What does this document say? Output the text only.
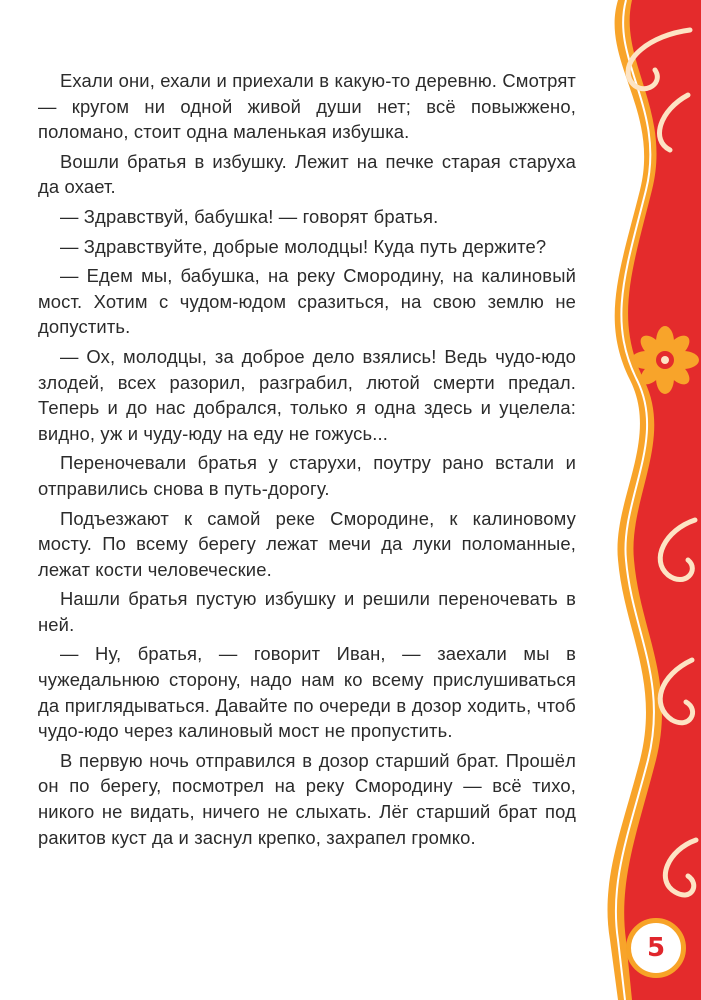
Ехали они, ехали и приехали в какую-то деревню. Смотрят — кругом ни одной живой души нет; всё повыжжено, поломано, стоит одна маленькая избушка.

Вошли братья в избушку. Лежит на печке старая старуха да охает.

— Здравствуй, бабушка! — говорят братья.

— Здравствуйте, добрые молодцы! Куда путь держите?

— Едем мы, бабушка, на реку Смородину, на калиновый мост. Хотим с чудом-юдом сразиться, на свою землю не допустить.

— Ох, молодцы, за доброе дело взялись! Ведь чудо-юдо злодей, всех разорил, разграбил, лютой смерти предал. Теперь и до нас добрался, только я одна здесь и уцелела: видно, уж и чуду-юду на еду не гожусь...

Переночевали братья у старухи, поутру рано встали и отправились снова в путь-дорогу.

Подъезжают к самой реке Смородине, к калиновому мосту. По всему берегу лежат мечи да луки поломанные, лежат кости человеческие.

Нашли братья пустую избушку и решили переночевать в ней.

— Ну, братья, — говорит Иван, — заехали мы в чужедальнюю сторону, надо нам ко всему прислушиваться да приглядываться. Давайте по очереди в дозор ходить, чтоб чудо-юдо через калиновый мост не пропустить.

В первую ночь отправился в дозор старший брат. Прошёл он по берегу, посмотрел на реку Смородину — всё тихо, никого не видать, ничего не слыхать. Лёг старший брат под ракитов куст да и заснул крепко, захрапел громко.

5
